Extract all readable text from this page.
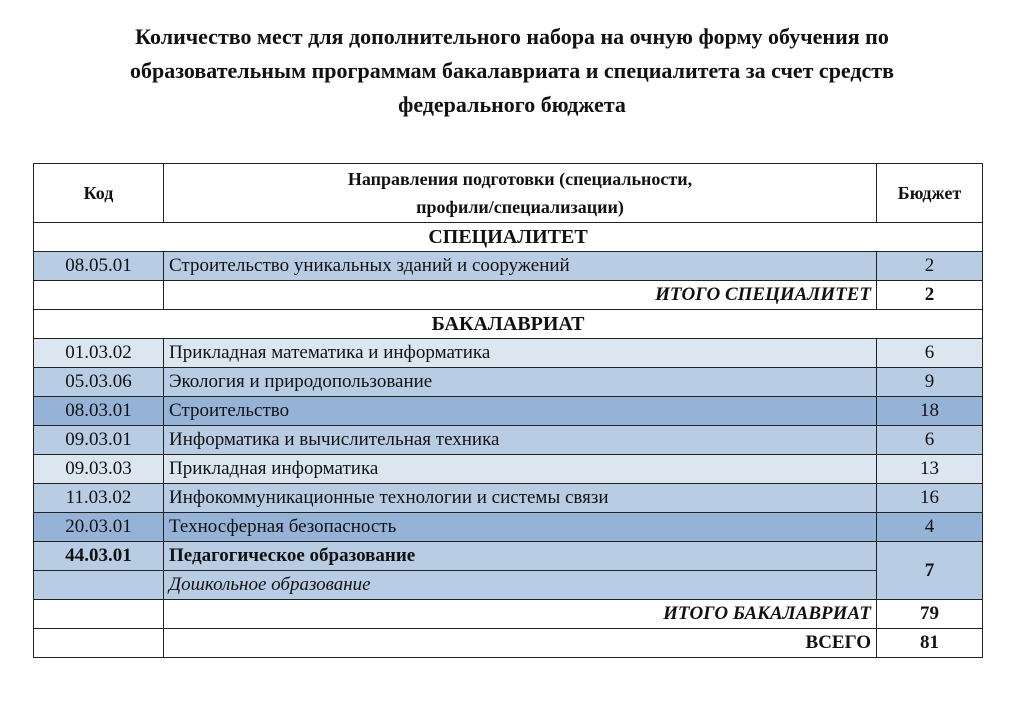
Количество мест для дополнительного набора на очную форму обучения по
образовательным программам бакалавриата и специалитета за счет средств
федерального бюджета
Код	Направления подготовки (специальности,
профили/специализации)	Бюджет
СПЕЦИАЛИТЕТ		
08.05.01	Строительство уникальных зданий и сооружений	2
	ИТОГО СПЕЦИАЛИТЕТ	2
БАКАЛАВРИАТ		
01.03.02	Прикладная математика и информатика	6
05.03.06	Экология и природопользование	9
08.03.01	Строительство	18
09.03.01	Информатика и вычислительная техника	6
09.03.03	Прикладная информатика	13
11.03.02	Инфокоммуникационные технологии и системы связи	16
20.03.01	Техносферная безопасность	4
44.03.01	Педагогическое образование	7
	Дошкольное образование	
	ИТОГО БАКАЛАВРИАТ	79
	ВСЕГО	81
